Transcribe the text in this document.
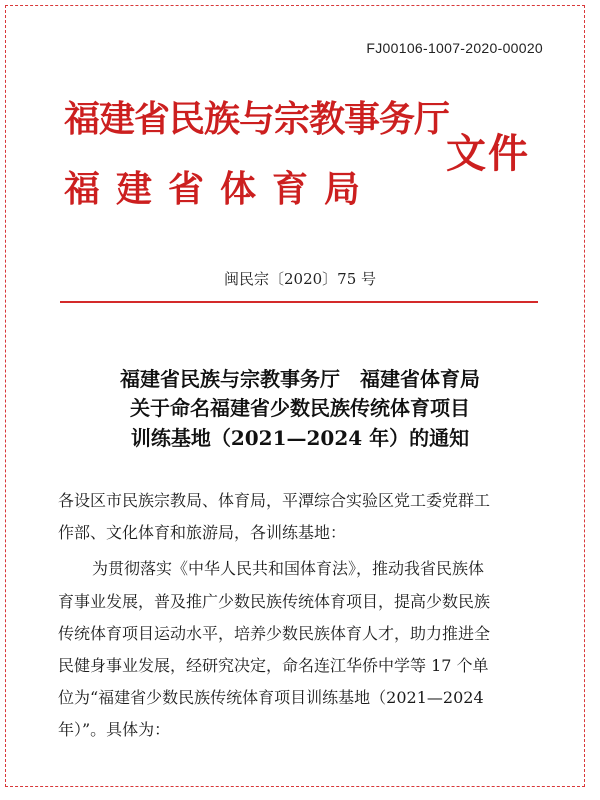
FJ00106-1007-2020-00020
福建省民族与宗教事务厅
福建省体育局
文件
闽民宗〔2020〕75 号
福建省民族与宗教事务厅　福建省体育局
关于命名福建省少数民族传统体育项目
训练基地（2021—2024 年）的通知
各设区市民族宗教局、体育局，平潭综合实验区党工委党群工
作部、文化体育和旅游局，各训练基地：
为贯彻落实《中华人民共和国体育法》，推动我省民族体
育事业发展，普及推广少数民族传统体育项目，提高少数民族
传统体育项目运动水平，培养少数民族体育人才，助力推进全
民健身事业发展，经研究决定，命名连江华侨中学等 17 个单
位为“福建省少数民族传统体育项目训练基地（2021—2024
年）”。具体为：
